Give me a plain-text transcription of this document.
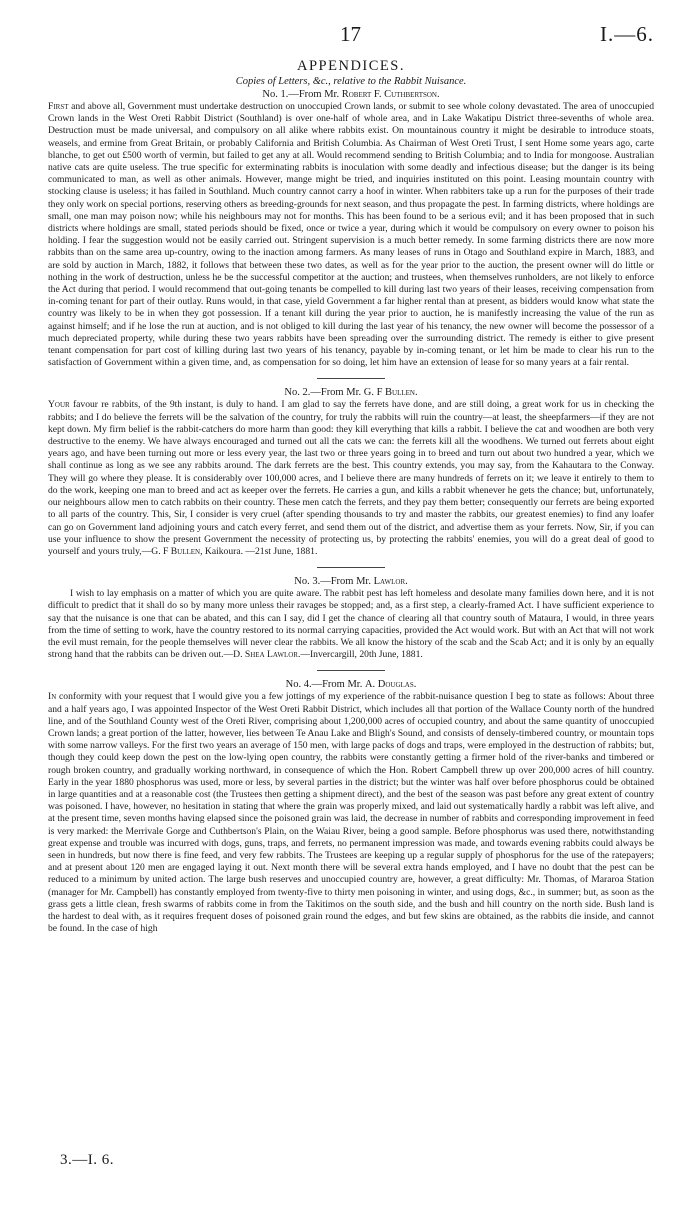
17	I.—6.
APPENDICES.
Copies of Letters, &c., relative to the Rabbit Nuisance.
No. 1.—From Mr. Robert F. Cuthbertson.

First and above all, Government must undertake destruction on unoccupied Crown lands, or submit to see whole colony devastated. The area of unoccupied Crown lands in the West Oreti Rabbit District (Southland) is over one-half of whole area, and in Lake Wakatipu District three-sevenths of whole area. Destruction must be made universal, and compulsory on all alike where rabbits exist. On mountainous country it might be desirable to introduce stoats, weasels, and ermine from Great Britain, or probably California and British Columbia. As Chairman of West Oreti Trust, I sent Home some years ago, carte blanche, to get out £500 worth of vermin, but failed to get any at all. Would recommend sending to British Columbia; and to India for mongoose. Australian native cats are quite useless. The true specific for exterminating rabbits is inoculation with some deadly and infectious disease; but the danger is its being communicated to man, as well as other animals. However, mange might be tried, and inquiries instituted on this point. Leasing mountain country with stocking clause is useless; it has failed in Southland. Much country cannot carry a hoof in winter. When rabbiters take up a run for the purposes of their trade they only work on special portions, reserving others as breeding-grounds for next season, and thus propagate the pest. In farming districts, where holdings are small, one man may poison now; while his neighbours may not for months. This has been found to be a serious evil; and it has been proposed that in such districts where holdings are small, stated periods should be fixed, once or twice a year, during which it would be compulsory on every owner to poison his holding. I fear the suggestion would not be easily carried out. Stringent supervision is a much better remedy. In some farming districts there are now more rabbits than on the same area up-country, owing to the inaction among farmers. As many leases of runs in Otago and Southland expire in March, 1883, and are sold by auction in March, 1882, it follows that between these two dates, as well as for the year prior to the auction, the present owner will do little or nothing in the work of destruction, unless he be the successful competitor at the auction; and trustees, when themselves runholders, are not likely to enforce the Act during that period. I would recommend that out-going tenants be compelled to kill during last two years of their leases, receiving compensation from in-coming tenant for part of their outlay. Runs would, in that case, yield Government a far higher rental than at present, as bidders would know what state the country was likely to be in when they got possession. If a tenant kill during the year prior to auction, he is manifestly increasing the value of the run as against himself; and if he lose the run at auction, and is not obliged to kill during the last year of his tenancy, the new owner will become the possessor of a much depreciated property, while during these two years rabbits have been spreading over the surrounding district. The remedy is either to give present tenant compensation for part cost of killing during last two years of his tenancy, payable by in-coming tenant, or let him be made to clear his run to the satisfaction of Government within a given time, and, as compensation for so doing, let him have an extension of lease for so many years at a fair rental.

No. 2.—From Mr. G. F Bullen.

Your favour re rabbits, of the 9th instant, is duly to hand. I am glad to say the ferrets have done, and are still doing, a great work for us in checking the rabbits; and I do believe the ferrets will be the salvation of the country, for truly the rabbits will ruin the country—at least, the sheepfarmers—if they are not kept down. My firm belief is the rabbit-catchers do more harm than good: they kill everything that kills a rabbit. I believe the cat and woodhen are both very destructive to the enemy. We have always encouraged and turned out all the cats we can: the ferrets kill all the woodhens. We turned out ferrets about eight years ago, and have been turning out more or less every year, the last two or three years going in to breed and turn out about two hundred a year, which we shall continue as long as we see any rabbits around. The dark ferrets are the best. This country extends, you may say, from the Kahautara to the Conway. They will go where they please. It is considerably over 100,000 acres, and I believe there are many hundreds of ferrets on it; we leave it entirely to them to do the work, keeping one man to breed and act as keeper over the ferrets. He carries a gun, and kills a rabbit whenever he gets the chance; but, unfortunately, our neighbours allow men to catch rabbits on their country. These men catch the ferrets, and they pay them better; consequently our ferrets are being exported to all parts of the country. This, Sir, I consider is very cruel (after spending thousands to try and master the rabbits, our greatest enemies) to find any loafer can go on Government land adjoining yours and catch every ferret, and send them out of the district, and advertise them as your ferrets. Now, Sir, if you can use your influence to show the present Government the necessity of protecting us, by protecting the rabbits' enemies, you will do a great deal of good to yourself and yours truly,—G. F Bullen, Kaikoura. —21st June, 1881.

No. 3.—From Mr. Lawlor.

I wish to lay emphasis on a matter of which you are quite aware. The rabbit pest has left homeless and desolate many families down here, and it is not difficult to predict that it shall do so by many more unless their ravages be stopped; and, as a first step, a clearly-framed Act. I have sufficient experience to say that the nuisance is one that can be abated, and this can I say, did I get the chance of clearing all that country south of Mataura, I would, in three years from the time of setting to work, have the country restored to its normal carrying capacities, provided the Act would work. But with an Act that will not work the evil must remain, for the people themselves will never clear the rabbits. We all know the history of the scab and the Scab Act; and it is only by an equally strong hand that the rabbits can be driven out.—D. Shea Lawlor.—Invercargill, 20th June, 1881.

No. 4.—From Mr. A. Douglas.

In conformity with your request that I would give you a few jottings of my experience of the rabbit-nuisance question I beg to state as follows: About three and a half years ago, I was appointed Inspector of the West Oreti Rabbit District, which includes all that portion of the Wallace County north of the hundred line, and of the Southland County west of the Oreti River, comprising about 1,200,000 acres of occupied country, and about the same quantity of unoccupied Crown lands; a great portion of the latter, however, lies between Te Anau Lake and Bligh's Sound, and consists of densely-timbered country, or mountain tops with some narrow valleys. For the first two years an average of 150 men, with large packs of dogs and traps, were employed in the destruction of rabbits; but, though they could keep down the pest on the low-lying open country, the rabbits were constantly getting a firmer hold of the river-banks and timbered or rough broken country, and gradually working northward, in consequence of which the Hon. Robert Campbell threw up over 200,000 acres of hill country. Early in the year 1880 phosphorus was used, more or less, by several parties in the district; but the winter was half over before phosphorus could be obtained in large quantities and at a reasonable cost (the Trustees then getting a shipment direct), and the best of the season was past before any great extent of country was poisoned. I have, however, no hesitation in stating that where the grain was properly mixed, and laid out systematically hardly a rabbit was left alive, and at the present time, seven months having elapsed since the poisoned grain was laid, the decrease in number of rabbits and corresponding improvement in feed is very marked: the Merrivale Gorge and Cuthbertson's Plain, on the Waiau River, being a good sample. Before phosphorus was used there, notwithstanding great expense and trouble was incurred with dogs, guns, traps, and ferrets, no permanent impression was made, and towards evening rabbits could always be seen in hundreds, but now there is fine feed, and very few rabbits. The Trustees are keeping up a regular supply of phosphorus for the use of the ratepayers; and at present about 120 men are engaged laying it out. Next month there will be several extra hands employed, and I have no doubt that the pest can be reduced to a minimum by united action. The large bush reserves and unoccupied country are, however, a great difficulty: Mr. Thomas, of Mararoa Station (manager for Mr. Campbell) has constantly employed from twenty-five to thirty men poisoning in winter, and using dogs, &c., in summer; but, as soon as the grass gets a little clean, fresh swarms of rabbits come in from the Takitimos on the south side, and the bush and hill country on the north side. Bush land is the hardest to deal with, as it requires frequent doses of poisoned grain round the edges, and but few skins are obtained, as the rabbits die inside, and cannot be found. In the case of high

3.—I. 6.
